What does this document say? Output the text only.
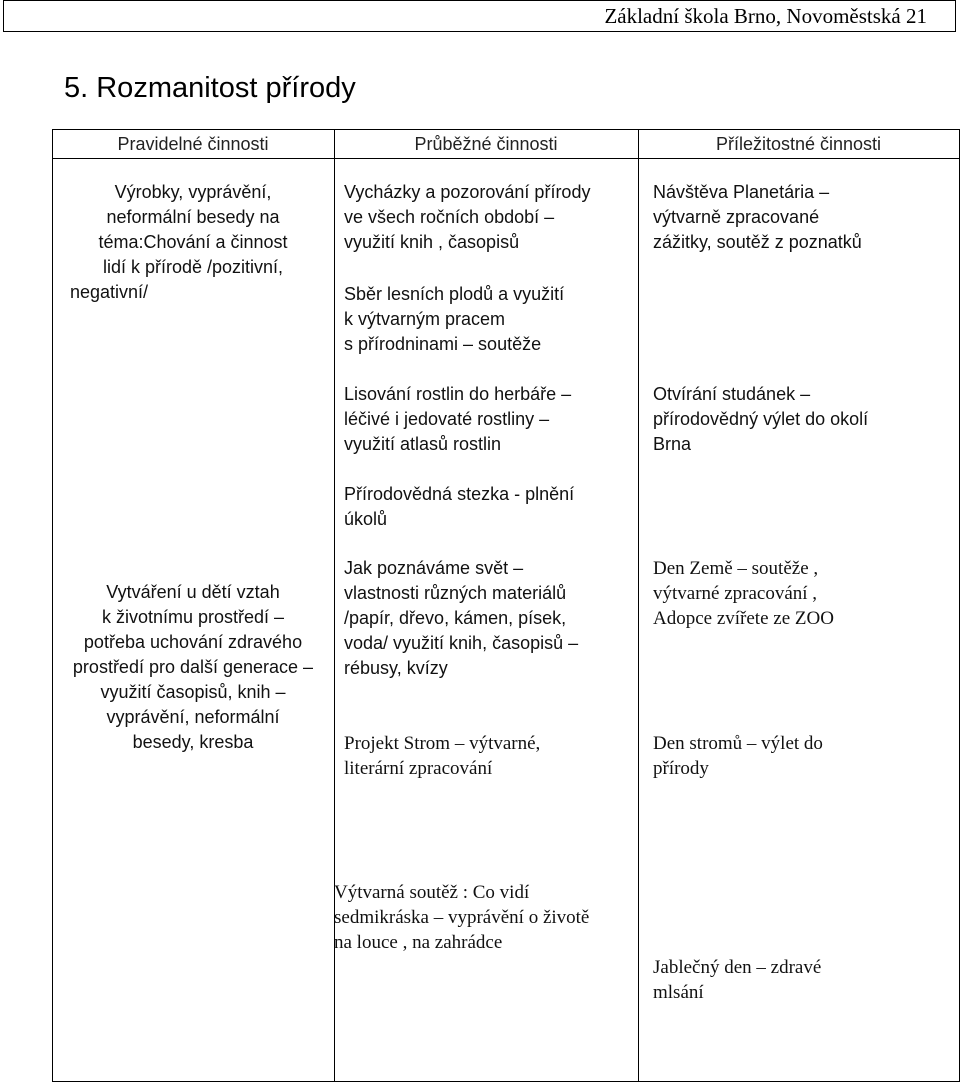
Základní škola Brno, Novoměstská 21
5. Rozmanitost přírody
Pravidelné činnosti	Průběžné činnosti	Příležitostné činnosti
Výrobky, vyprávění,
neformální besedy na
téma:Chování a činnost
lidí k přírodě /pozitivní,
negativní/
Vytváření u dětí vztah
k životnímu prostředí –
potřeba uchování zdravého
prostředí pro další generace –
využití časopisů, knih –
vyprávění, neformální
besedy, kresba
Vycházky a pozorování přírody
ve všech ročních období –
využití knih , časopisů
Sběr lesních plodů a využití
k výtvarným pracem
s přírodninami – soutěže
Lisování rostlin do herbáře –
léčivé i jedovaté rostliny –
využití atlasů rostlin
Přírodovědná stezka - plnění
úkolů
Jak poznáváme svět –
vlastnosti různých materiálů
/papír, dřevo, kámen, písek,
voda/ využití knih, časopisů –
rébusy, kvízy
Projekt Strom – výtvarné,
literární zpracování
Výtvarná soutěž : Co vidí
sedmikráska – vyprávění o životě
na louce , na zahrádce
Návštěva Planetária –
výtvarně zpracované
zážitky, soutěž z poznatků
Otvírání studánek –
přírodovědný výlet do okolí
Brna
Den Země – soutěže ,
výtvarné zpracování ,
Adopce zvířete ze ZOO
Den stromů – výlet do
přírody
Jablečný den – zdravé
mlsání
